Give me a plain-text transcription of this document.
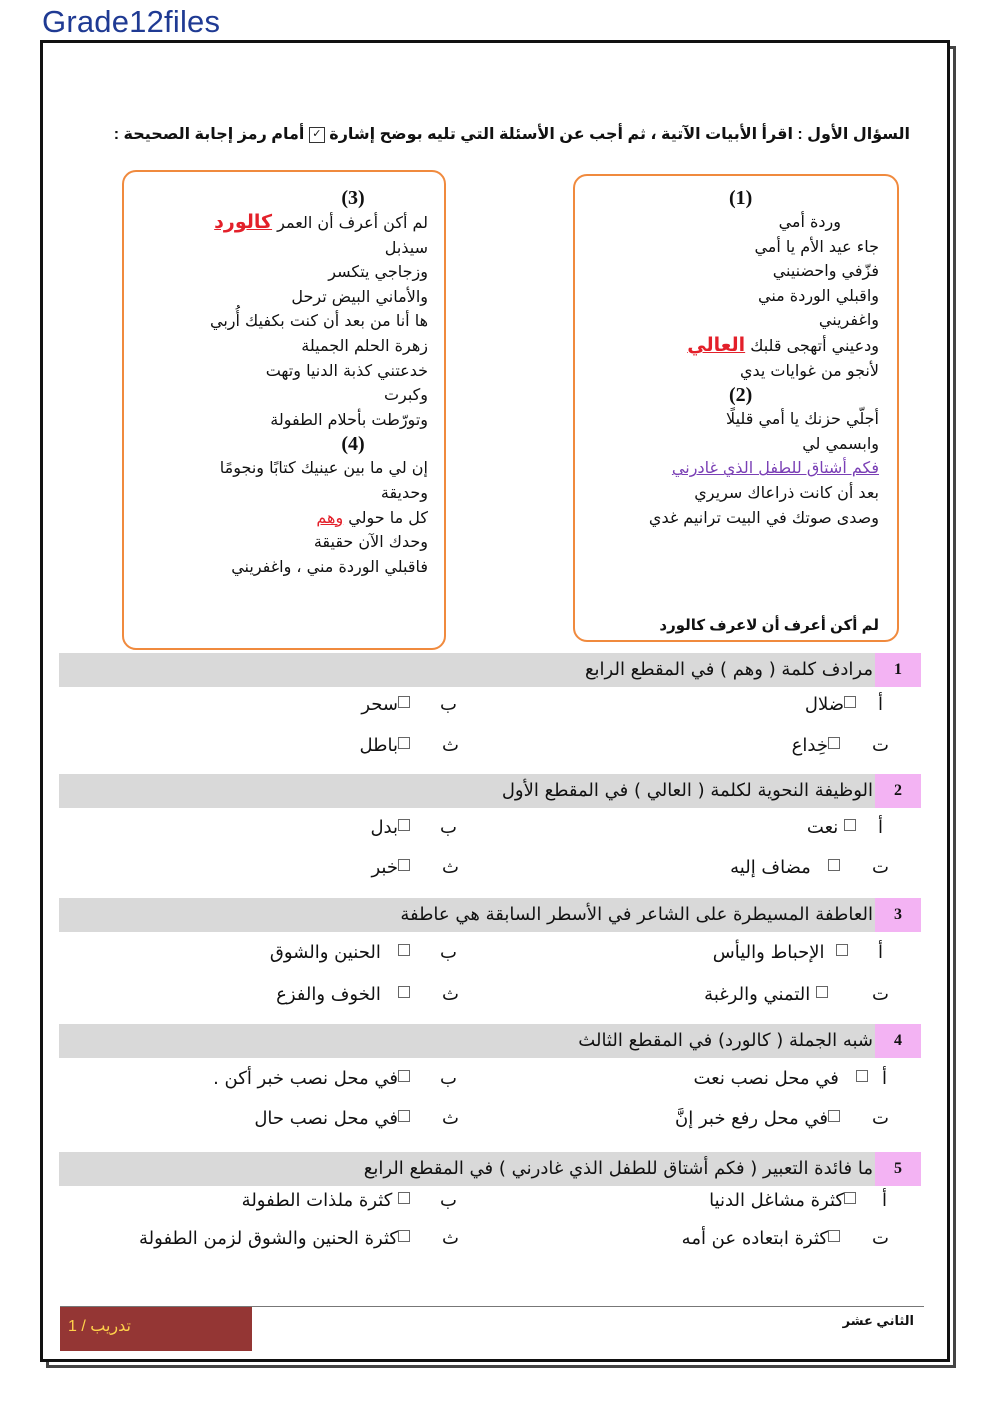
Grade12files
السؤال الأول : اقرأ الأبيات الآتية ، ثم أجب عن الأسئلة التي تليه بوضح إشارة ✓ أمام رمز إجابة الصحيحة :
(1)
وردة أمي
جاء عيد الأم يا أمي
فزّفي واحضنيني
واقبلي الوردة مني
واغفريني
ودعيني أتهجى قلبك العالي
لأنجو من غوايات يدي
(2)
أجلّي حزنك يا أمي قليلًا
وابسمي لي
فكم أشتاق للطفل الذي غادرني
بعد أن كانت ذراعاك سريري
وصدى صوتك في البيت ترانيم غدي
لم أكن أعرف أن لاعرف كالورد
(3)
لم أكن أعرف أن العمر كالورد
سيذبل
وزجاجي يتكسر
والأماني البيض ترحل
ها أنا من بعد أن كنت بكفيك أُربي
زهرة الحلم الجميلة
خدعتني كذبة الدنيا وتهت
وكبرت
وتورّطت بأحلام الطفولة
(4)
إن لي ما بين عينيك كتابًا ونجومًا
وحديقة
كل ما حولي وهم
وحدك الآن حقيقة
فاقبلي الوردة مني ، واغفريني
1
مرادف كلمة ( وهم ) في المقطع الرابع
أ
ضلال
ب
سحر
ت
خِداع
ث
باطل
2
الوظيفة النحوية لكلمة ( العالي ) في المقطع الأول
أ
نعت
ب
بدل
ت
مضاف إليه
ث
خبر
3
العاطفة المسيطرة على الشاعر في الأسطر السابقة هي عاطفة
أ
الإحباط واليأس
ب
الحنين والشوق
ت
التمني والرغبة
ث
الخوف والفزع
4
شبه الجملة ( كالورد) في المقطع الثالث
أ
في محل نصب نعت
ب
في محل نصب خبر أكن .
ت
في محل رفع خبر إنَّ
ث
في محل نصب حال
5
ما فائدة التعبير ( فكم أشتاق للطفل الذي غادرني ) في المقطع الرابع
أ
كثرة مشاغل الدنيا
ب
كثرة ملذات الطفولة
ت
كثرة ابتعاده عن أمه
ث
كثرة الحنين والشوق لزمن الطفولة
تدريب / 1	الثاني عشر
